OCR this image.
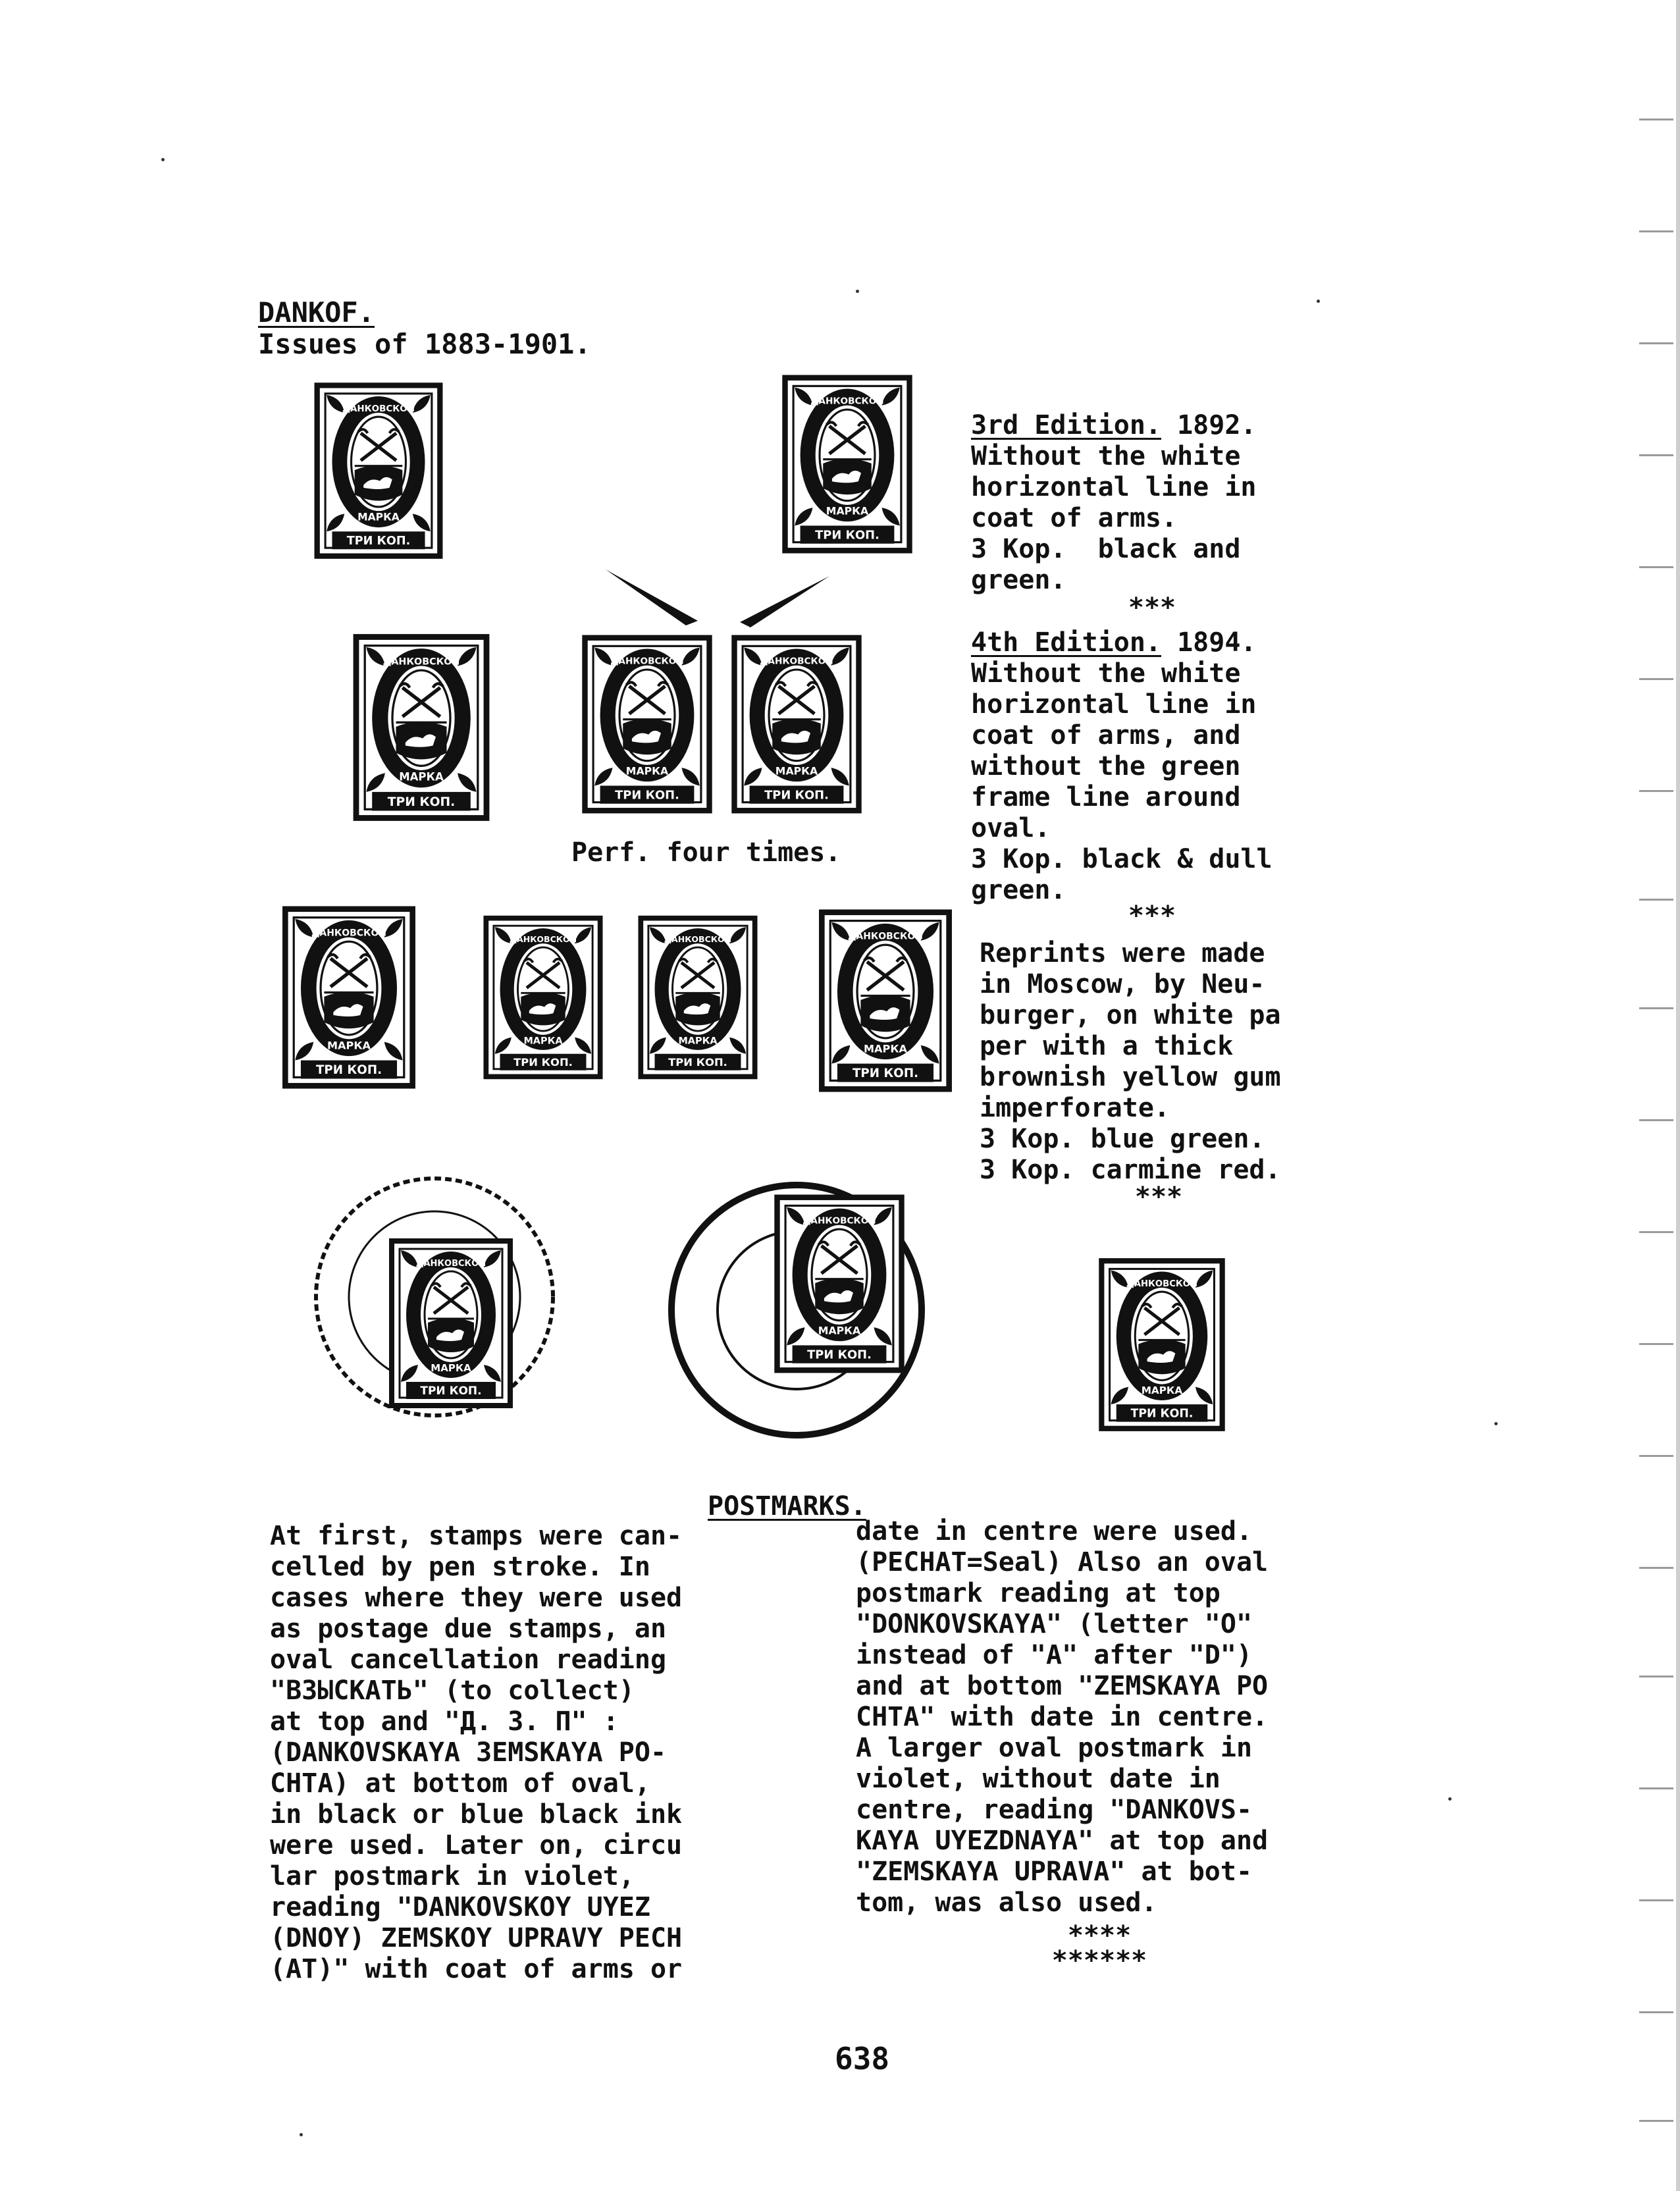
DANKOF.
Issues of 1883-1901.
Perf. four times.
3rd Edition. 1892.
Without the white
horizontal line in
coat of arms.
3 Kop.  black and
green.
***
4th Edition. 1894.
Without the white
horizontal line in
coat of arms, and
without the green
frame line around
oval.
3 Kop. black & dull
green.
***
Reprints were made
in Moscow, by Neu-
burger, on white pa
per with a thick
brownish yellow gum
imperforate.
3 Kop. blue green.
3 Kop. carmine red.
***
POSTMARKS.
At first, stamps were can-
celled by pen stroke. In
cases where they were used
as postage due stamps, an
oval cancellation reading
"ВЗЫСКАТЬ" (to collect)
at top and "Д. З. П" :
(DANKOVSKAYA ЗEMSKAYA PO-
CHTA) at bottom of oval,
in black or blue black ink
were used. Later on, circu
lar postmark in violet,
reading "DANKOVSKOY UYEZ
(DNOY) ZEMSKOY UPRAVY PECH
(AT)" with coat of arms or
date in centre were used.
(PECHAT=Seal) Also an oval
postmark reading at top
"DONKOVSKAYA" (letter "O"
instead of "A" after "D")
and at bottom "ZEMSKAYA PO
CHTA" with date in centre.
A larger oval postmark in
violet, without date in
centre, reading "DANKOVS-
KAYA UYEZDNAYA" at top and
"ZEMSKAYA UPRAVA" at bot-
tom, was also used.
****
******
638
